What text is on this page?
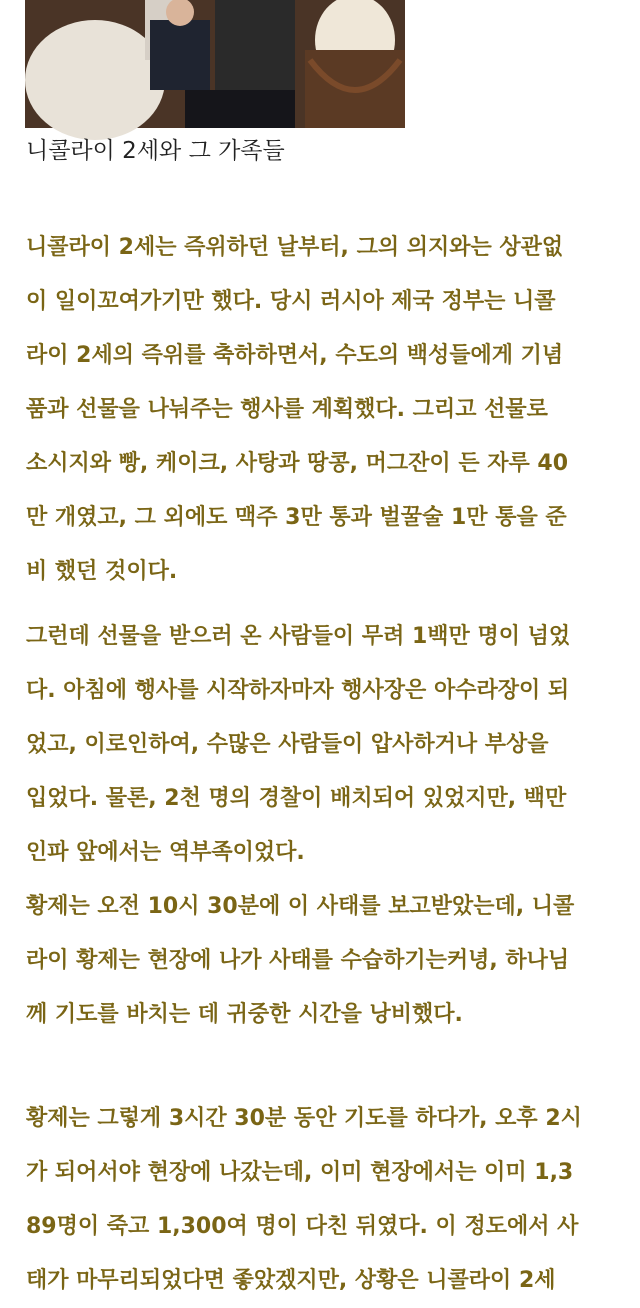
니콜라이 2세와 그 가족들
니콜라이 2세는 즉위하던 날부터, 그의 의지와는 상관없
이 일이꼬여가기만 했다. 당시 러시아 제국 정부는 니콜
라이 2세의 즉위를 축하하면서, 수도의 백성들에게 기념
품과 선물을 나눠주는 행사를 계획했다. 그리고 선물로
소시지와 빵, 케이크, 사탕과 땅콩, 머그잔이 든 자루 40
만 개였고, 그 외에도 맥주 3만 통과 벌꿀술 1만 통을 준
비 했던 것이다.
그런데 선물을 받으러 온 사람들이 무려 1백만 명이 넘었
다. 아침에 행사를 시작하자마자 행사장은 아수라장이 되
었고, 이로인하여, 수많은 사람들이 압사하거나 부상을
입었다. 물론, 2천 명의 경찰이 배치되어 있었지만, 백만
인파 앞에서는 역부족이었다.
황제는 오전 10시 30분에 이 사태를 보고받았는데, 니콜
라이 황제는 현장에 나가 사태를 수습하기는커녕, 하나님
께 기도를 바치는 데 귀중한 시간을 낭비했다.
황제는 그렇게 3시간 30분 동안 기도를 하다가, 오후 2시
가 되어서야 현장에 나갔는데, 이미 현장에서는 이미 1,3
89명이 죽고 1,300여 명이 다친 뒤였다. 이 정도에서 사
태가 마무리되었다면 좋았겠지만, 상황은 니콜라이 2세
